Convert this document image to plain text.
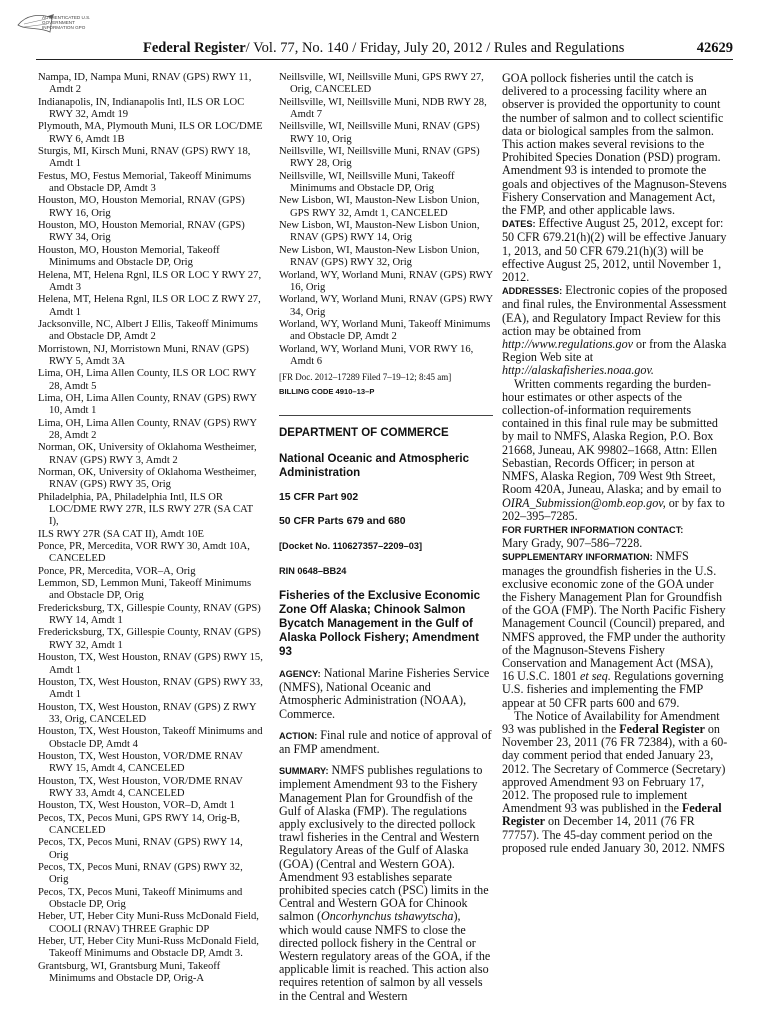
AUTHENTICATED U.S. GOVERNMENT INFORMATION GPO
Federal Register/ Vol. 77, No. 140 / Friday, July 20, 2012 / Rules and Regulations	42629
Nampa, ID, Nampa Muni, RNAV (GPS) RWY 11, Amdt 2
Indianapolis, IN, Indianapolis Intl, ILS OR LOC RWY 32, Amdt 19
Plymouth, MA, Plymouth Muni, ILS OR LOC/DME RWY 6, Amdt 1B
Sturgis, MI, Kirsch Muni, RNAV (GPS) RWY 18, Amdt 1
Festus, MO, Festus Memorial, Takeoff Minimums and Obstacle DP, Amdt 3
Houston, MO, Houston Memorial, RNAV (GPS) RWY 16, Orig
Houston, MO, Houston Memorial, RNAV (GPS) RWY 34, Orig
Houston, MO, Houston Memorial, Takeoff Minimums and Obstacle DP, Orig
Helena, MT, Helena Rgnl, ILS OR LOC Y RWY 27, Amdt 3
Helena, MT, Helena Rgnl, ILS OR LOC Z RWY 27, Amdt 1
Jacksonville, NC, Albert J Ellis, Takeoff Minimums and Obstacle DP, Amdt 2
Morristown, NJ, Morristown Muni, RNAV (GPS) RWY 5, Amdt 3A
Lima, OH, Lima Allen County, ILS OR LOC RWY 28, Amdt 5
Lima, OH, Lima Allen County, RNAV (GPS) RWY 10, Amdt 1
Lima, OH, Lima Allen County, RNAV (GPS) RWY 28, Amdt 2
Norman, OK, University of Oklahoma Westheimer, RNAV (GPS) RWY 3, Amdt 2
Norman, OK, University of Oklahoma Westheimer, RNAV (GPS) RWY 35, Orig
Philadelphia, PA, Philadelphia Intl, ILS OR LOC/DME RWY 27R, ILS RWY 27R (SA CAT I),
ILS RWY 27R (SA CAT II), Amdt 10E
Ponce, PR, Mercedita, VOR RWY 30, Amdt 10A, CANCELED
Ponce, PR, Mercedita, VOR–A, Orig
Lemmon, SD, Lemmon Muni, Takeoff Minimums and Obstacle DP, Orig
Fredericksburg, TX, Gillespie County, RNAV (GPS) RWY 14, Amdt 1
Fredericksburg, TX, Gillespie County, RNAV (GPS) RWY 32, Amdt 1
Houston, TX, West Houston, RNAV (GPS) RWY 15, Amdt 1
Houston, TX, West Houston, RNAV (GPS) RWY 33, Amdt 1
Houston, TX, West Houston, RNAV (GPS) Z RWY 33, Orig, CANCELED
Houston, TX, West Houston, Takeoff Minimums and Obstacle DP, Amdt 4
Houston, TX, West Houston, VOR/DME RNAV RWY 15, Amdt 4, CANCELED
Houston, TX, West Houston, VOR/DME RNAV RWY 33, Amdt 4, CANCELED
Houston, TX, West Houston, VOR–D, Amdt 1
Pecos, TX, Pecos Muni, GPS RWY 14, Orig-B, CANCELED
Pecos, TX, Pecos Muni, RNAV (GPS) RWY 14, Orig
Pecos, TX, Pecos Muni, RNAV (GPS) RWY 32, Orig
Pecos, TX, Pecos Muni, Takeoff Minimums and Obstacle DP, Orig
Heber, UT, Heber City Muni-Russ McDonald Field, COOLI (RNAV) THREE Graphic DP
Heber, UT, Heber City Muni-Russ McDonald Field, Takeoff Minimums and Obstacle DP, Amdt 3.
Grantsburg, WI, Grantsburg Muni, Takeoff Minimums and Obstacle DP, Orig-A
Neillsville, WI, Neillsville Muni, GPS RWY 27, Orig, CANCELED
Neillsville, WI, Neillsville Muni, NDB RWY 28, Amdt 7
Neillsville, WI, Neillsville Muni, RNAV (GPS) RWY 10, Orig
Neillsville, WI, Neillsville Muni, RNAV (GPS) RWY 28, Orig
Neillsville, WI, Neillsville Muni, Takeoff Minimums and Obstacle DP, Orig
New Lisbon, WI, Mauston-New Lisbon Union, GPS RWY 32, Amdt 1, CANCELED
New Lisbon, WI, Mauston-New Lisbon Union, RNAV (GPS) RWY 14, Orig
New Lisbon, WI, Mauston-New Lisbon Union, RNAV (GPS) RWY 32, Orig
Worland, WY, Worland Muni, RNAV (GPS) RWY 16, Orig
Worland, WY, Worland Muni, RNAV (GPS) RWY 34, Orig
Worland, WY, Worland Muni, Takeoff Minimums and Obstacle DP, Amdt 2
Worland, WY, Worland Muni, VOR RWY 16, Amdt 6
[FR Doc. 2012–17289 Filed 7–19–12; 8:45 am]
BILLING CODE 4910–13–P
DEPARTMENT OF COMMERCE
National Oceanic and Atmospheric Administration
15 CFR Part 902
50 CFR Parts 679 and 680
[Docket No. 110627357–2209–03]
RIN 0648–BB24
Fisheries of the Exclusive Economic Zone Off Alaska; Chinook Salmon Bycatch Management in the Gulf of Alaska Pollock Fishery; Amendment 93
AGENCY: National Marine Fisheries Service (NMFS), National Oceanic and Atmospheric Administration (NOAA), Commerce.
ACTION: Final rule and notice of approval of an FMP amendment.
SUMMARY: NMFS publishes regulations to implement Amendment 93 to the Fishery Management Plan for Groundfish of the Gulf of Alaska (FMP). The regulations apply exclusively to the directed pollock trawl fisheries in the Central and Western Regulatory Areas of the Gulf of Alaska (GOA) (Central and Western GOA). Amendment 93 establishes separate prohibited species catch (PSC) limits in the Central and Western GOA for Chinook salmon (Oncorhynchus tshawytscha), which would cause NMFS to close the directed pollock fishery in the Central or Western regulatory areas of the GOA, if the applicable limit is reached. This action also requires retention of salmon by all vessels in the Central and Western
GOA pollock fisheries until the catch is delivered to a processing facility where an observer is provided the opportunity to count the number of salmon and to collect scientific data or biological samples from the salmon. This action makes several revisions to the Prohibited Species Donation (PSD) program. Amendment 93 is intended to promote the goals and objectives of the Magnuson-Stevens Fishery Conservation and Management Act, the FMP, and other applicable laws.
DATES: Effective August 25, 2012, except for: 50 CFR 679.21(h)(2) will be effective January 1, 2013, and 50 CFR 679.21(h)(3) will be effective August 25, 2012, until November 1, 2012.
ADDRESSES: Electronic copies of the proposed and final rules, the Environmental Assessment (EA), and Regulatory Impact Review for this action may be obtained from http://www.regulations.gov or from the Alaska Region Web site at http://alaskafisheries.noaa.gov.
Written comments regarding the burden-hour estimates or other aspects of the collection-of-information requirements contained in this final rule may be submitted by mail to NMFS, Alaska Region, P.O. Box 21668, Juneau, AK 99802–1668, Attn: Ellen Sebastian, Records Officer; in person at NMFS, Alaska Region, 709 West 9th Street, Room 420A, Juneau, Alaska; and by email to OIRA_Submission@omb.eop.gov, or by fax to 202–395–7285.
FOR FURTHER INFORMATION CONTACT:
Mary Grady, 907–586–7228.
SUPPLEMENTARY INFORMATION: NMFS manages the groundfish fisheries in the U.S. exclusive economic zone of the GOA under the Fishery Management Plan for Groundfish of the GOA (FMP). The North Pacific Fishery Management Council (Council) prepared, and NMFS approved, the FMP under the authority of the Magnuson-Stevens Fishery Conservation and Management Act (MSA), 16 U.S.C. 1801 et seq. Regulations governing U.S. fisheries and implementing the FMP appear at 50 CFR parts 600 and 679.
The Notice of Availability for Amendment 93 was published in the Federal Register on November 23, 2011 (76 FR 72384), with a 60-day comment period that ended January 23, 2012. The Secretary of Commerce (Secretary) approved Amendment 93 on February 17, 2012. The proposed rule to implement Amendment 93 was published in the Federal Register on December 14, 2011 (76 FR 77757). The 45-day comment period on the proposed rule ended January 30, 2012. NMFS
